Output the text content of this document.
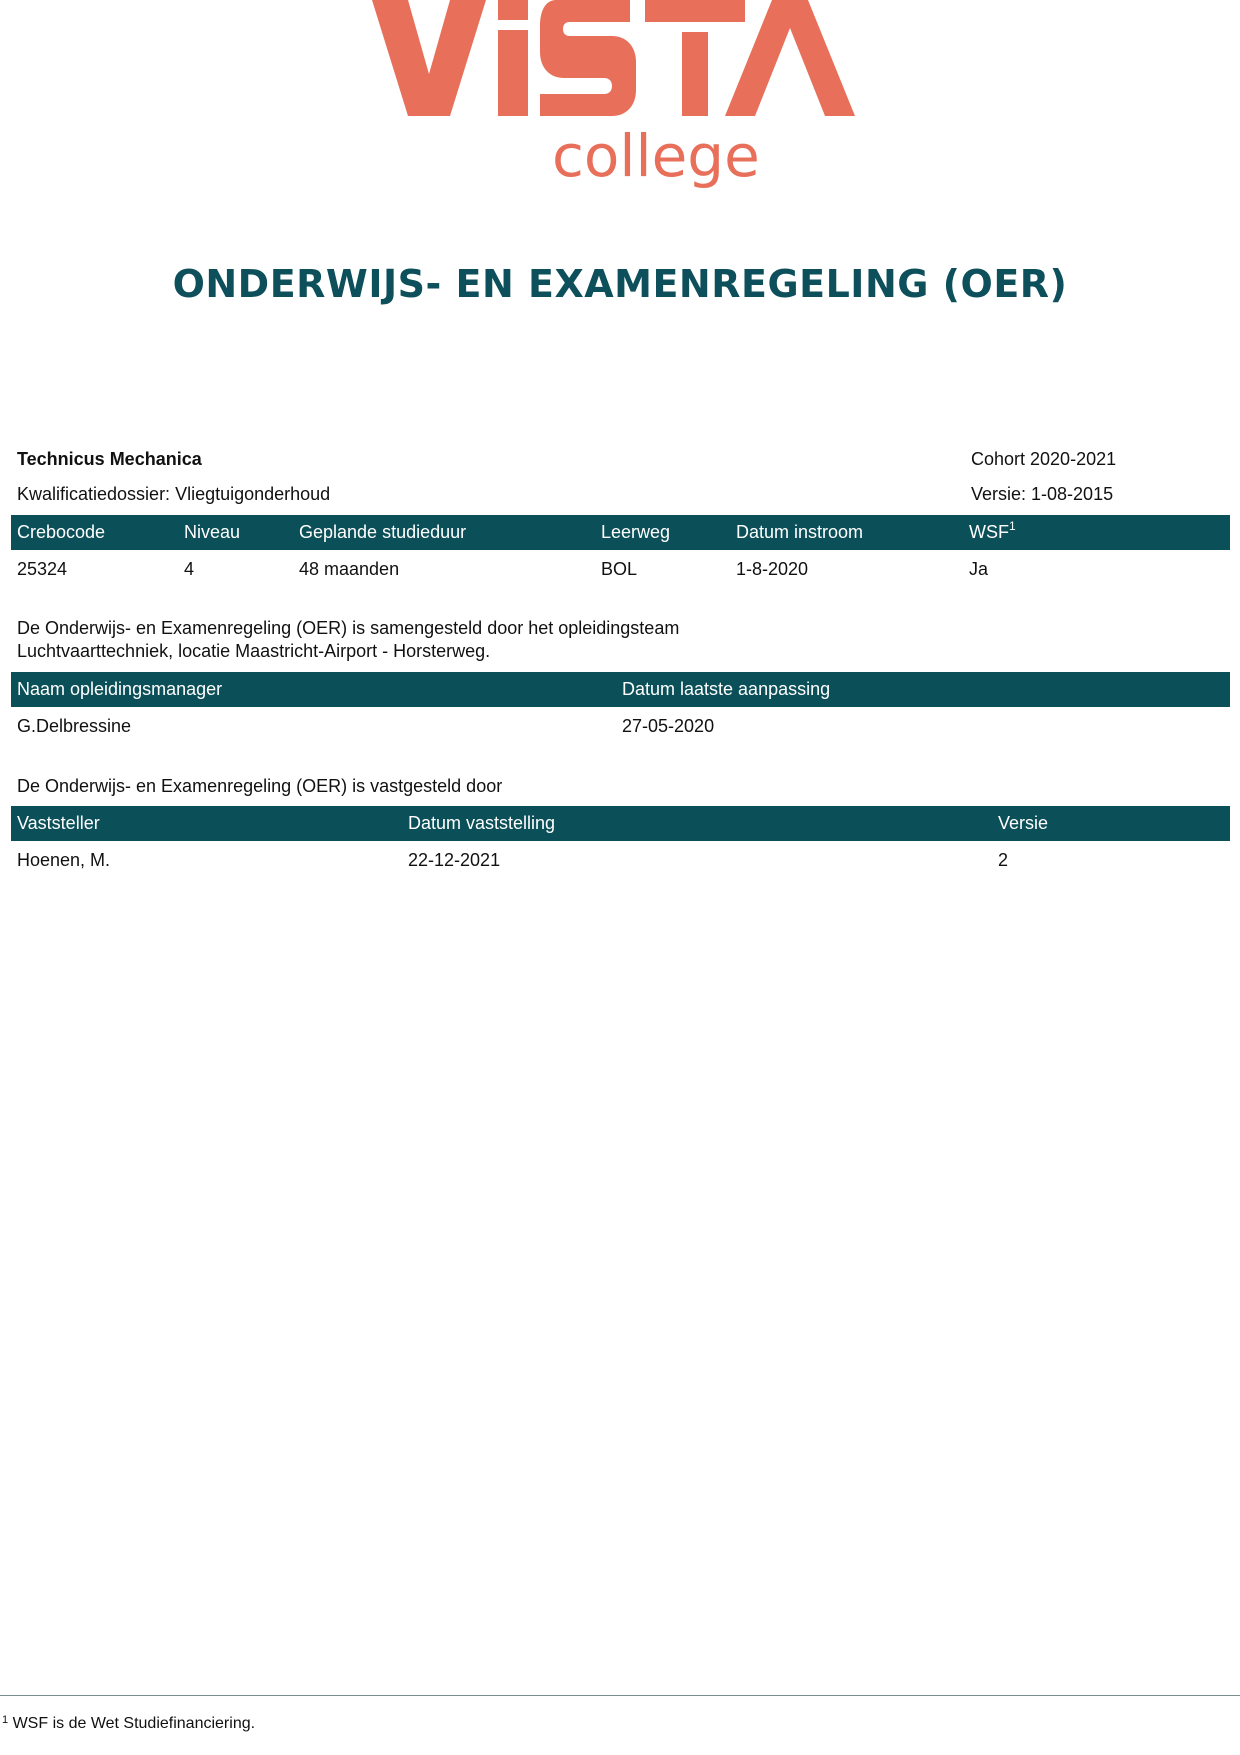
college
ONDERWIJS- EN EXAMENREGELING (OER)
Technicus Mechanica	Cohort 2020-2021
Kwalificatiedossier: Vliegtuigonderhoud	Versie: 1-08-2015
Crebocode	Niveau	Geplande studieduur	Leerweg	Datum instroom	WSF$^1$
25324	4	48 maanden	BOL	1-8-2020	Ja
De Onderwijs- en Examenregeling (OER) is samengesteld door het opleidingsteam
Luchtvaarttechniek, locatie Maastricht-Airport - Horsterweg.
Naam opleidingsmanager	Datum laatste aanpassing
G.Delbressine	27-05-2020
De Onderwijs- en Examenregeling (OER) is vastgesteld door
Vaststeller	Datum vaststelling	Versie
Hoenen, M.	22-12-2021	2
$^1$ WSF is de Wet Studiefinanciering.
